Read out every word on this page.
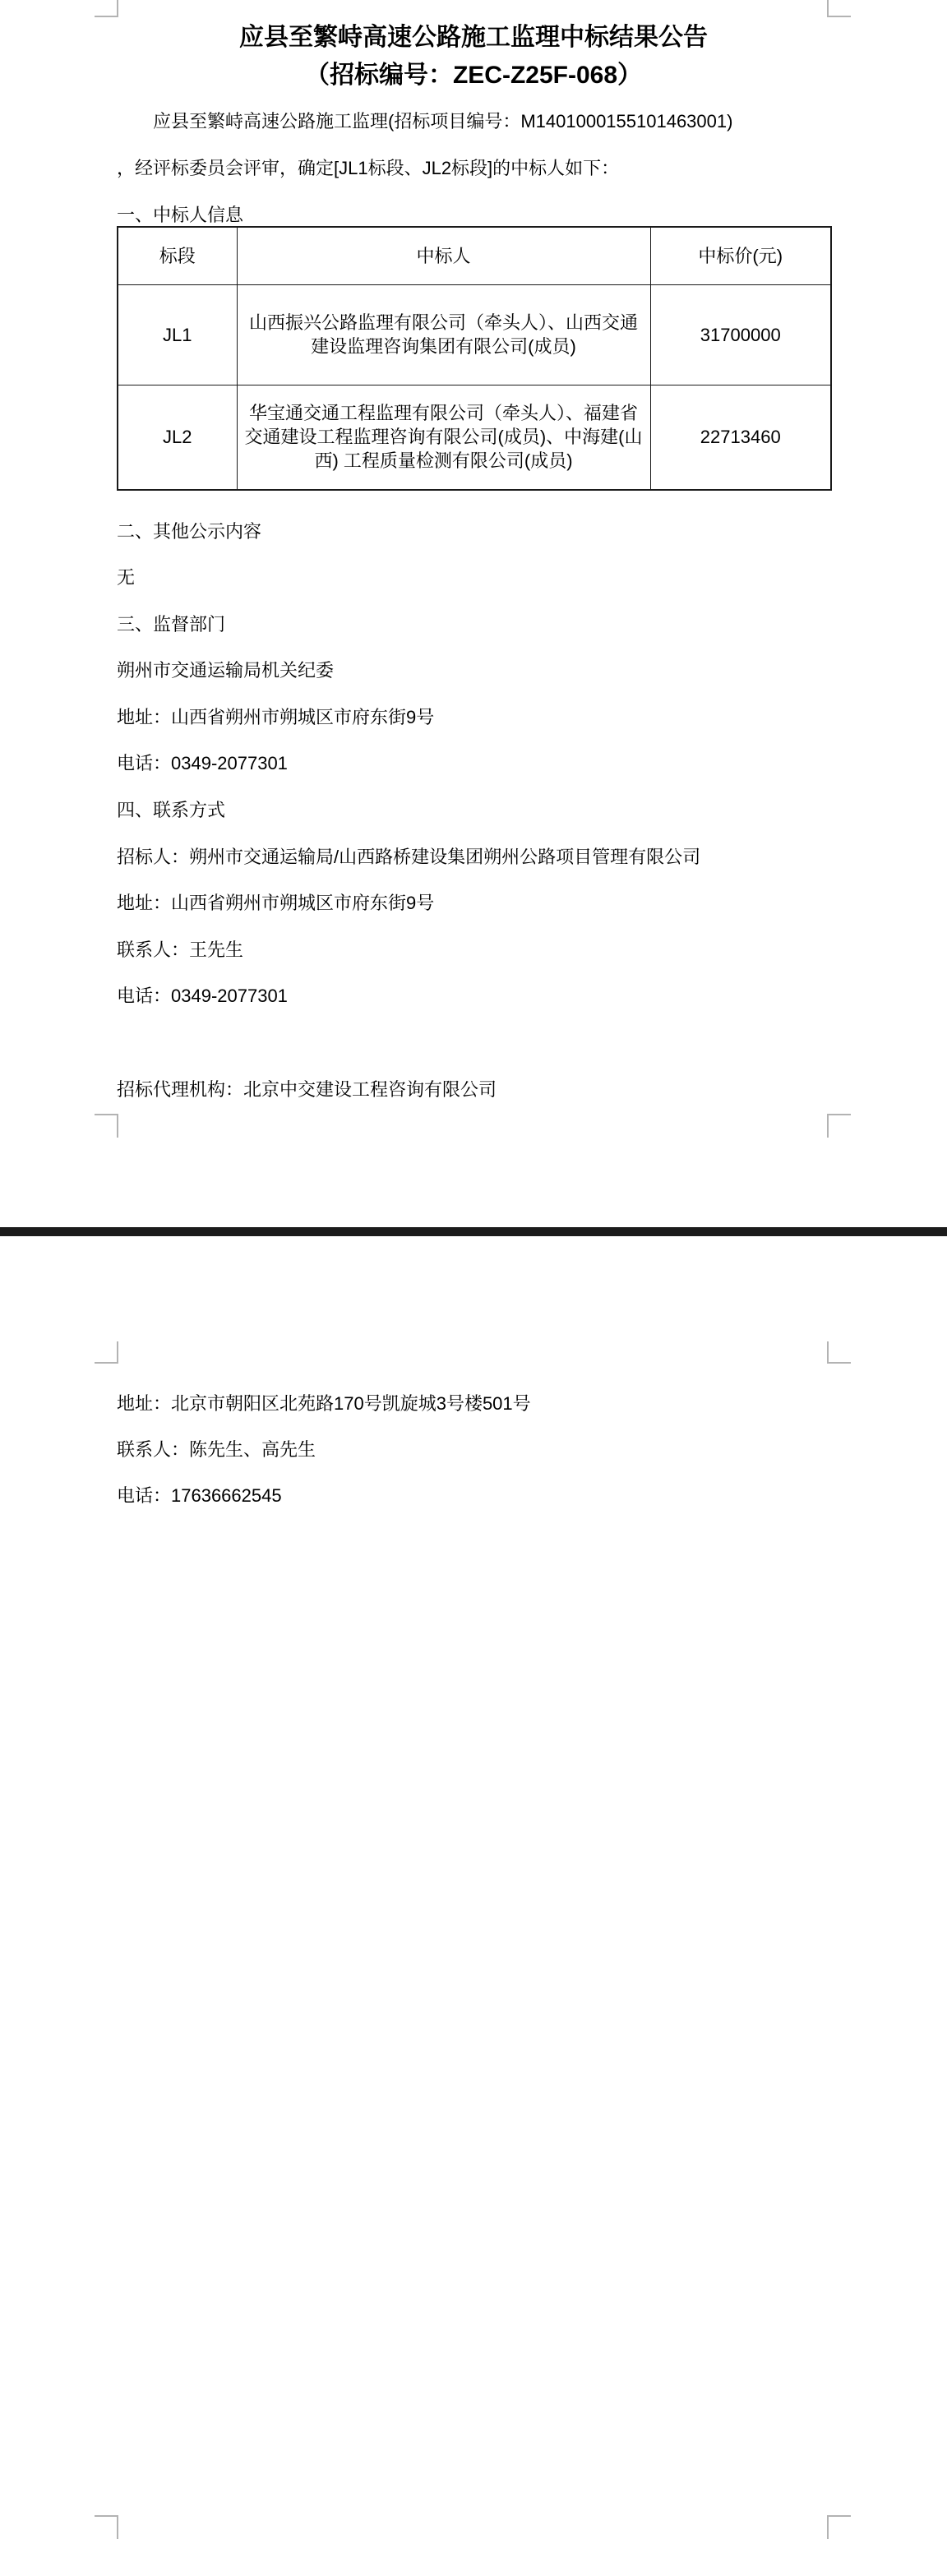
应县至繁峙高速公路施工监理中标结果公告
（招标编号：ZEC-Z25F-068）
应县至繁峙高速公路施工监理(招标项目编号：M1401000155101463001)
，经评标委员会评审，确定[JL1标段、JL2标段]的中标人如下：
一、中标人信息
标段	中标人	中标价(元)
JL1	山西振兴公路监理有限公司（牵头人）、山西交通建设监理咨询集团有限公司(成员)	31700000
JL2	华宝通交通工程监理有限公司（牵头人）、福建省交通建设工程监理咨询有限公司(成员)、中海建(山西) 工程质量检测有限公司(成员)	22713460
二、其他公示内容
无
三、监督部门
朔州市交通运输局机关纪委
地址：山西省朔州市朔城区市府东街9号
电话：0349-2077301
四、联系方式
招标人：朔州市交通运输局/山西路桥建设集团朔州公路项目管理有限公司
地址：山西省朔州市朔城区市府东街9号
联系人：王先生
电话：0349-2077301
招标代理机构：北京中交建设工程咨询有限公司
地址：北京市朝阳区北苑路170号凯旋城3号楼501号
联系人：陈先生、高先生
电话：17636662545
